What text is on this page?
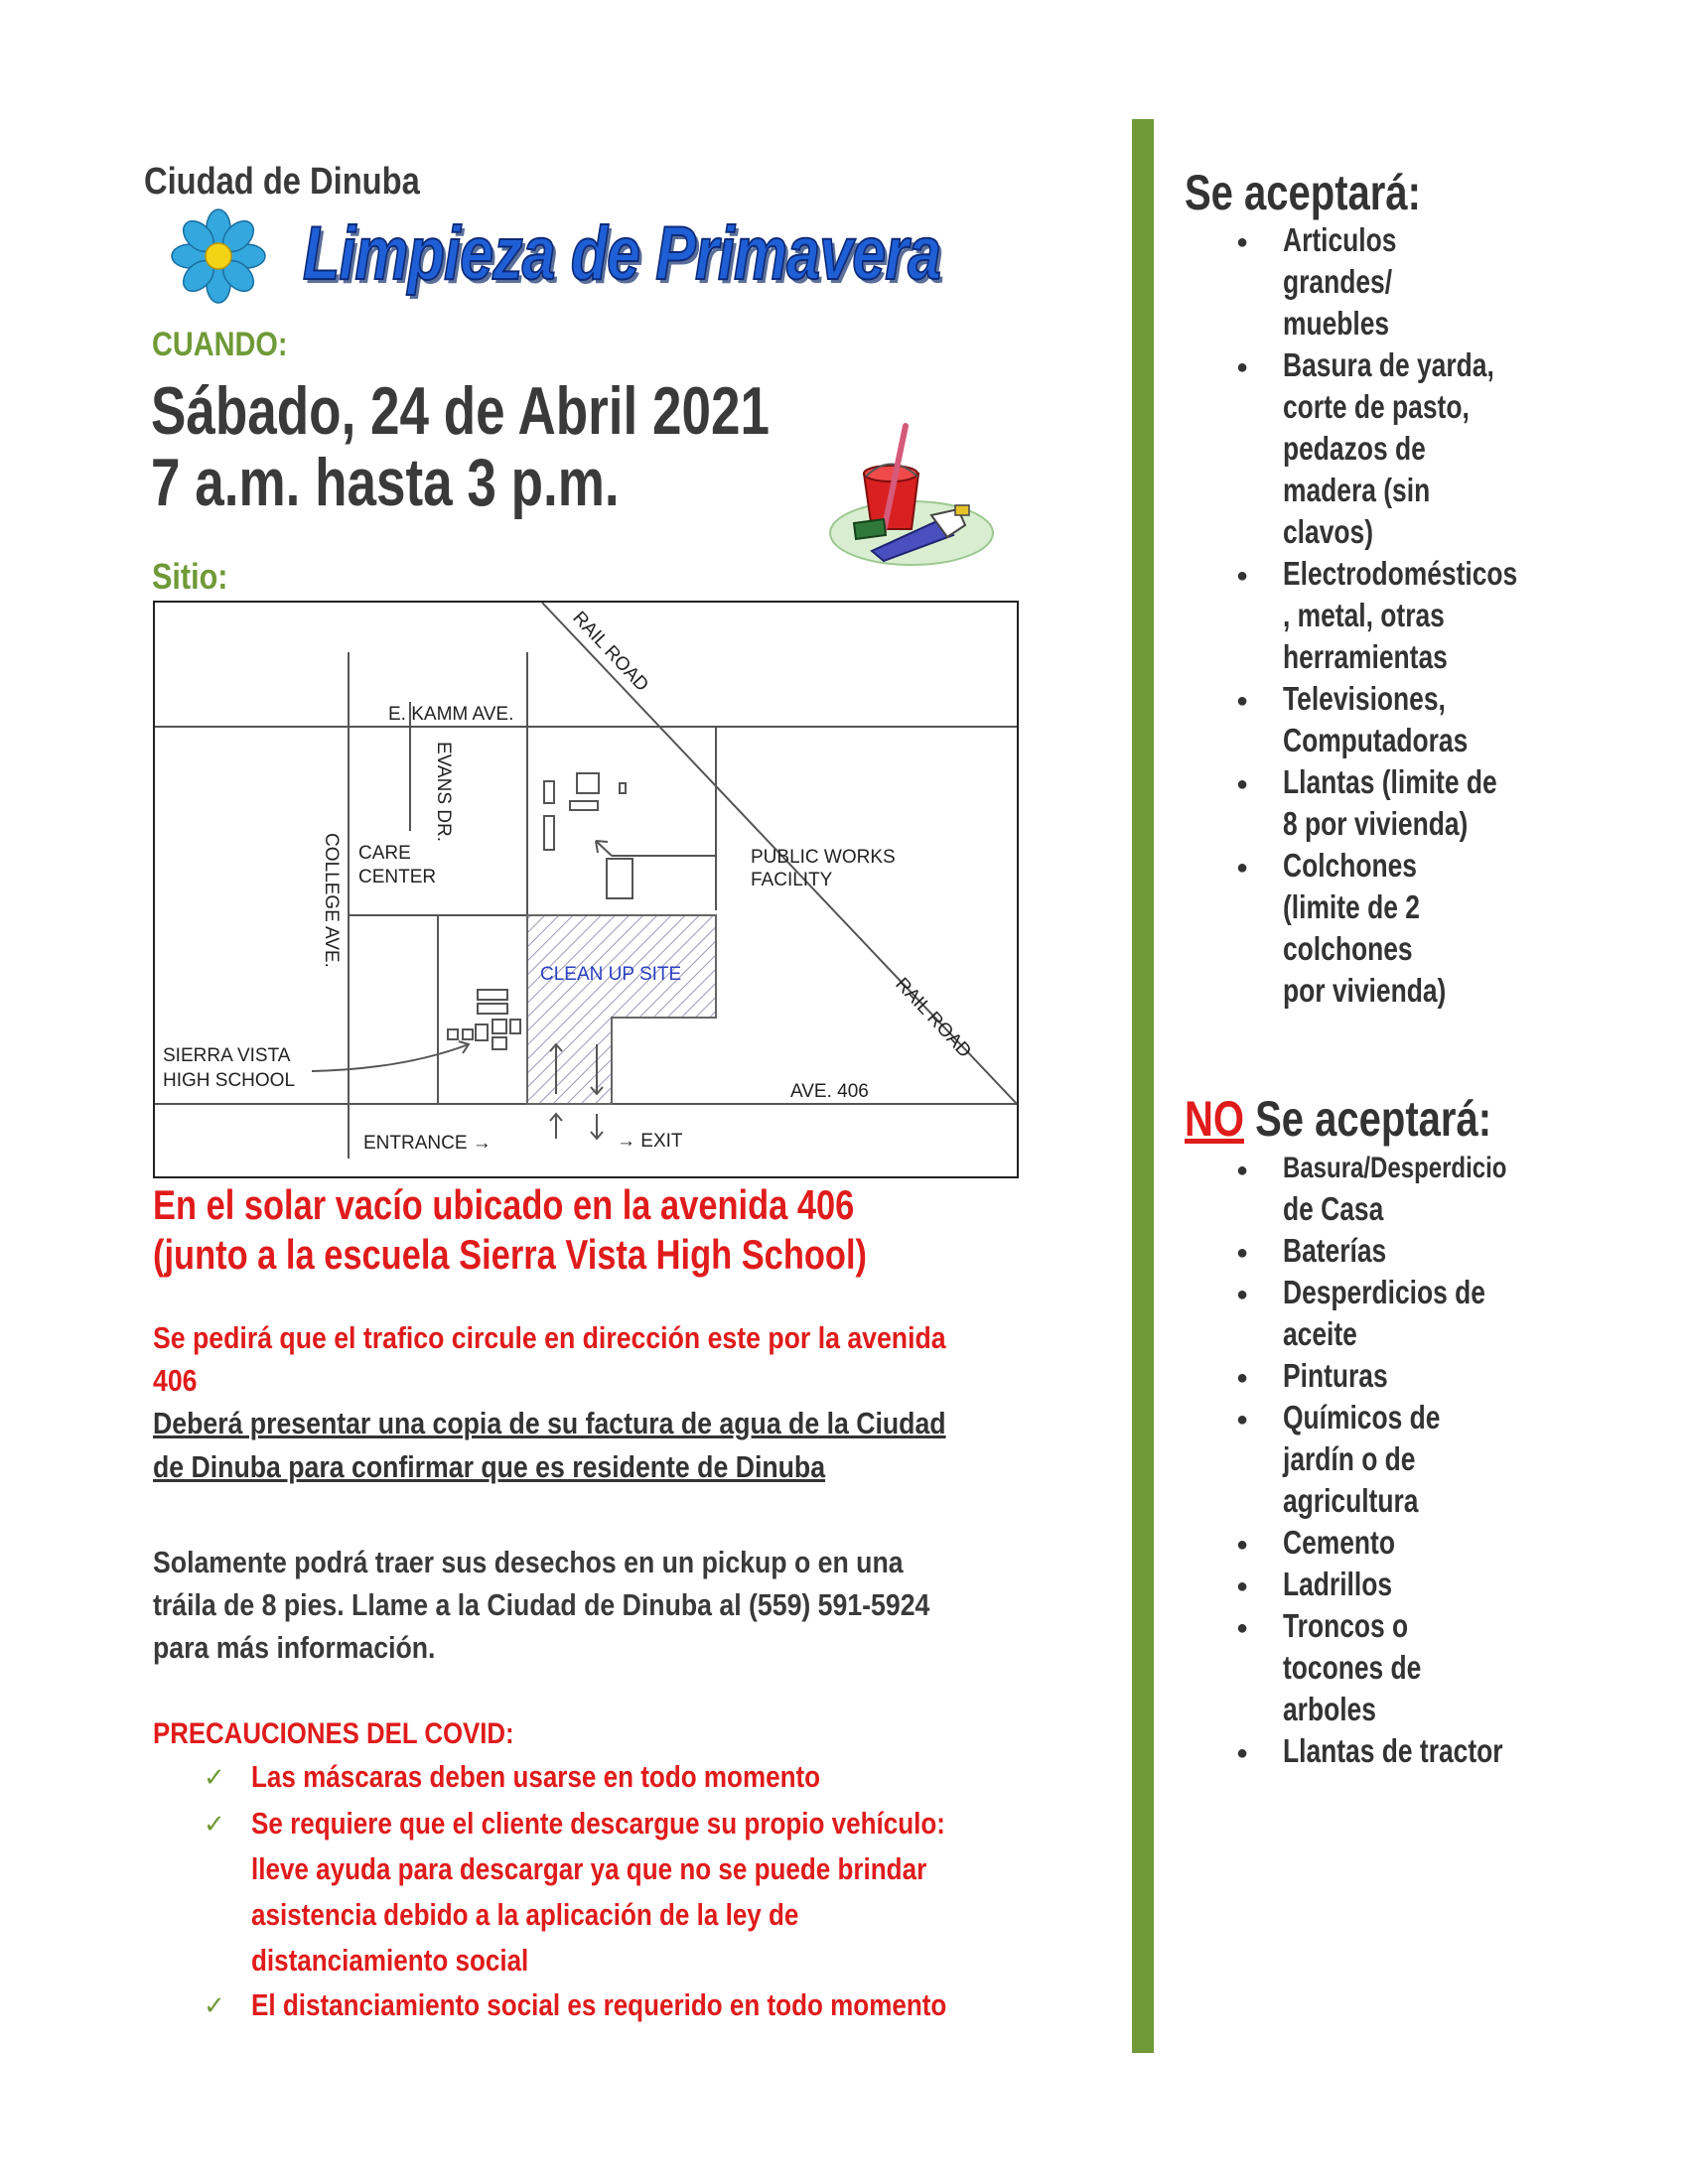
Ciudad de Dinuba
Limpieza de Primavera
CUANDO:
Sábado, 24 de Abril 2021
7 a.m. hasta 3 p.m.
Sitio:
RAIL ROAD
RAIL ROAD
E. KAMM AVE.
EVANS DR.
COLLEGE AVE. CARE
CENTER
PUBLIC WORKS
FACILITY
CLEAN UP SITE
SIERRA VISTA
HIGH SCHOOL
AVE. 406
ENTRANCE →	→ EXIT
En el solar vacío ubicado en la avenida 406
(junto a la escuela Sierra Vista High School)
Se pedirá que el trafico circule en dirección este por la avenida
406
Deberá presentar una copia de su factura de agua de la Ciudad
de Dinuba para confirmar que es residente de Dinuba
Solamente podrá traer sus desechos en un pickup o en una
tráila de 8 pies. Llame a la Ciudad de Dinuba al (559) 591-5924
para más información.
PRECAUCIONES DEL COVID:
✓ Las máscaras deben usarse en todo momento
✓ Se requiere que el cliente descargue su propio vehículo:
lleve ayuda para descargar ya que no se puede brindar
asistencia debido a la aplicación de la ley de
distanciamiento social
✓ El distanciamiento social es requerido en todo momento
Se aceptará:
● Articulos
grandes/
muebles
● Basura de yarda,
corte de pasto,
pedazos de
madera (sin
clavos)
● Electrodomésticos
, metal, otras
herramientas
● Televisiones,
Computadoras
● Llantas (limite de
8 por vivienda)
● Colchones
(limite de 2
colchones
por vivienda)
NO Se aceptará:
● Basura/Desperdicio
de Casa
● Baterías
● Desperdicios de
aceite
● Pinturas
● Químicos de
jardín o de
agricultura
● Cemento
● Ladrillos
● Troncos o
tocones de
arboles
● Llantas de tractor
